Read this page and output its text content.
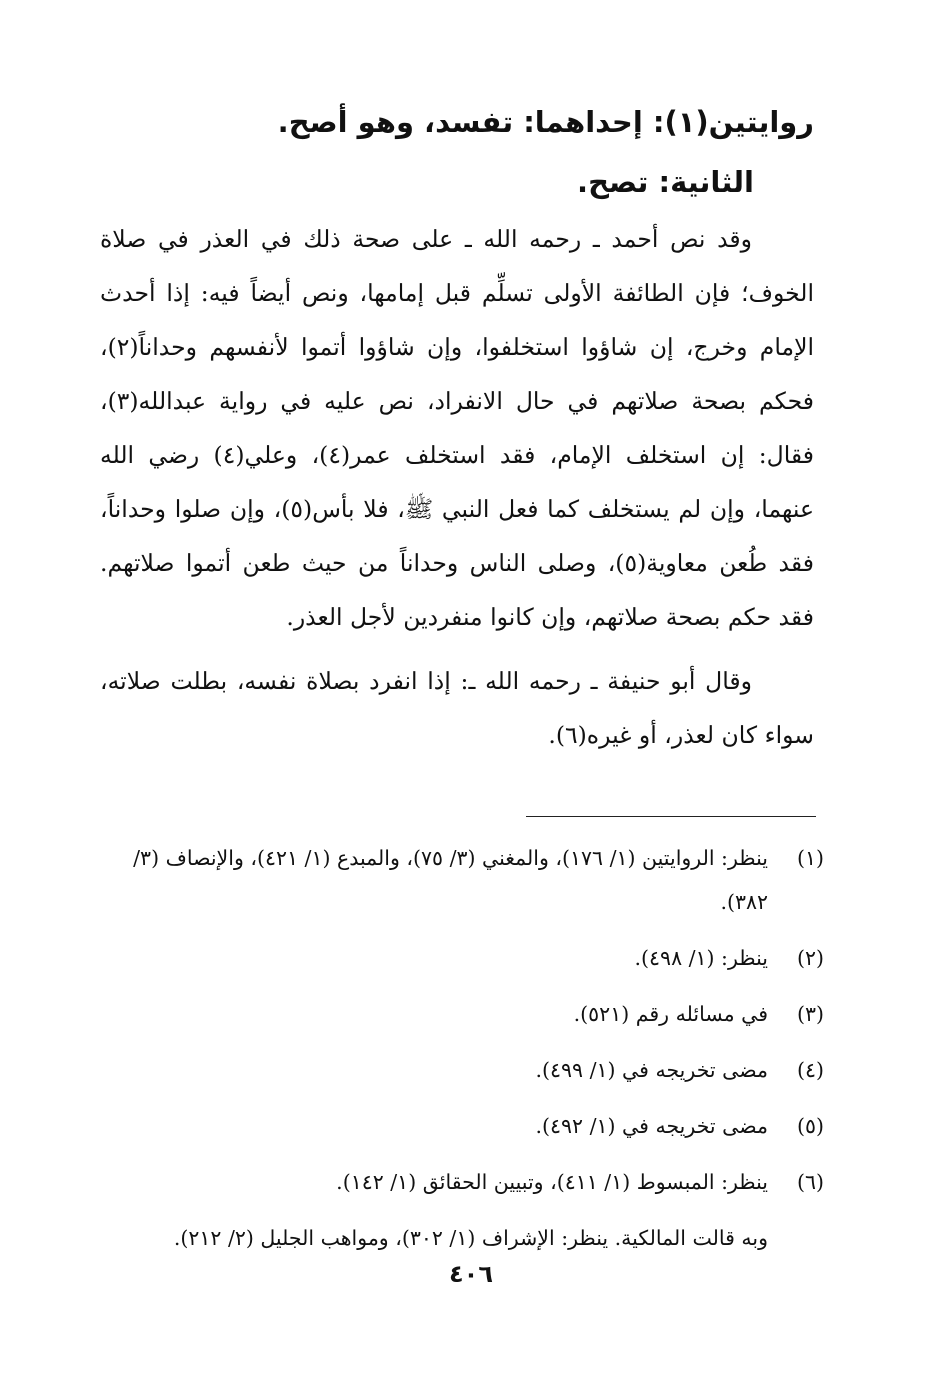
روايتين(١): إحداهما: تفسد، وهو أصح.

الثانية: تصح.

وقد نص أحمد ـ رحمه الله ـ على صحة ذلك في العذر في صلاة الخوف؛ فإن الطائفة الأولى تسلِّم قبل إمامها، ونص أيضاً فيه: إذا أحدث الإمام وخرج، إن شاؤوا استخلفوا، وإن شاؤوا أتموا لأنفسهم وحداناً(٢)، فحكم بصحة صلاتهم في حال الانفراد، نص عليه في رواية عبدالله(٣)، فقال: إن استخلف الإمام، فقد استخلف عمر(٤)، وعلي(٤) رضي الله عنهما، وإن لم يستخلف كما فعل النبي ﷺ، فلا بأس(٥)، وإن صلوا وحداناً، فقد طُعن معاوية(٥)، وصلى الناس وحداناً من حيث طعن أتموا صلاتهم. فقد حكم بصحة صلاتهم، وإن كانوا منفردين لأجل العذر.

وقال أبو حنيفة ـ رحمه الله ـ: إذا انفرد بصلاة نفسه، بطلت صلاته، سواء كان لعذر، أو غيره(٦).

(١)
ينظر: الروايتين (١/ ١٧٦)، والمغني (٣/ ٧٥)، والمبدع (١/ ٤٢١)، والإنصاف (٣/ ٣٨٢).
(٢)
ينظر: (١/ ٤٩٨).
(٣)
في مسائله رقم (٥٢١).
(٤)
مضى تخريجه في (١/ ٤٩٩).
(٥)
مضى تخريجه في (١/ ٤٩٢).
(٦)
ينظر: المبسوط (١/ ٤١١)، وتبيين الحقائق (١/ ١٤٢).
وبه قالت المالكية. ينظر: الإشراف (١/ ٣٠٢)، ومواهب الجليل (٢/ ٢١٢).
٤٠٦
